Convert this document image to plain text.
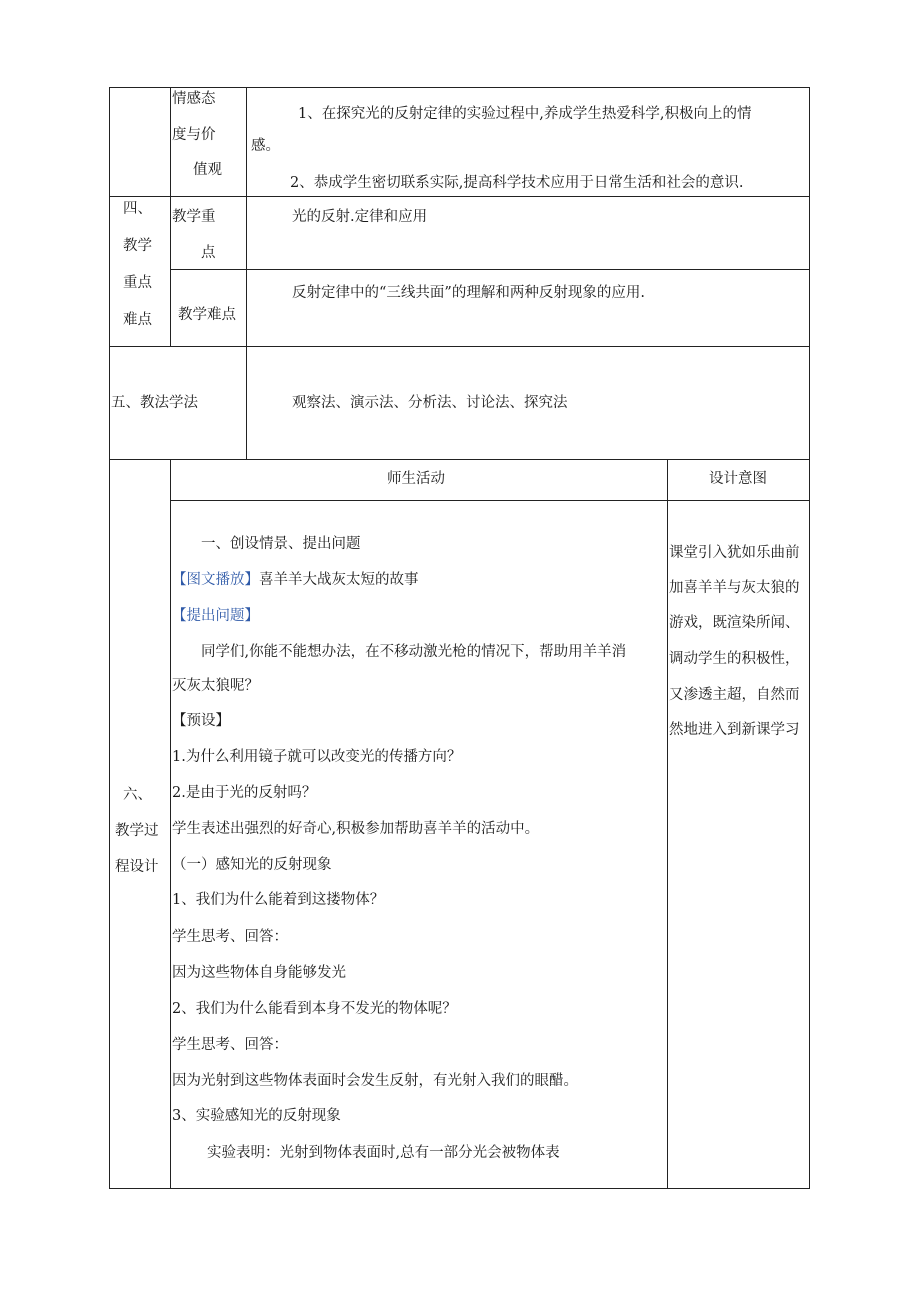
情感态
度与价
值观
1、在探究光的反射定律的实验过程中,养成学生热爱科学,积极向上的情
感。
2、恭成学生密切联系实际,提高科学技术应用于日常生活和社会的意识.
四、
教学
重点
难点
教学重
点
光的反射.定律和应用
教学难点
反射定律中的“三线共面”的理解和两种反射现象的应用.
五、教法学法	观察法、演示法、分析法、讨论法、探究法
六、
教学过
程设计
师生活动	设计意图
一、创设情景、提出问题
【图文播放】喜羊羊大战灰太短的故事
【提出问题】
同学们,你能不能想办法，在不移动激光枪的情况下，帮助用羊羊消
灭灰太狼呢？
【预设】
1.为什么利用镜子就可以改变光的传播方向？
2.是由于光的反射吗？
学生表述出强烈的好奇心,积极参加帮助喜羊羊的活动中。
（一）感知光的反射现象
1、我们为什么能着到这搂物体？
学生思考、回答：
因为这些物体自身能够发光
2、我们为什么能看到本身不发光的物体呢？
学生思考、回答：
因为光射到这些物体表面时会发生反射，有光射入我们的眼醋。
3、实验感知光的反射现象
实验表明：光射到物体表面时,总有一部分光会被物体表
课堂引入犹如乐曲前
加喜羊羊与灰太狼的
游戏，既渲染所闻、
调动学生的积极性，
又渗透主超，自然而
然地进入到新课学习
